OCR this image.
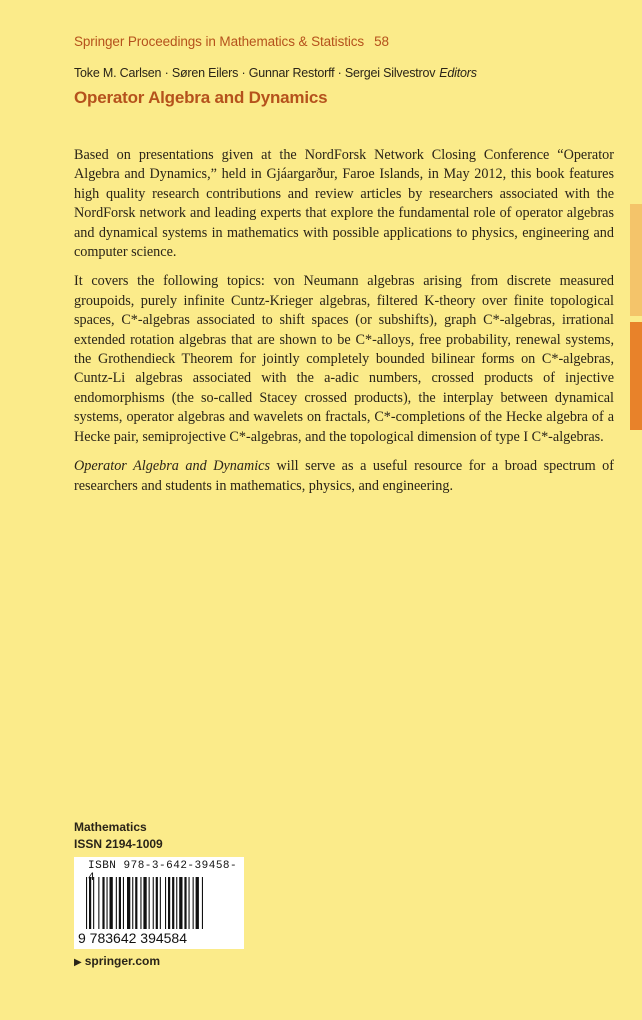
Springer Proceedings in Mathematics & Statistics 58
Toke M. Carlsen · Søren Eilers · Gunnar Restorff · Sergei Silvestrov Editors
Operator Algebra and Dynamics

Based on presentations given at the NordForsk Network Closing Conference “Operator Algebra and Dynamics,” held in Gjáargarður, Faroe Islands, in May 2012, this book features high quality research contributions and review articles by researchers associated with the NordForsk network and leading experts that explore the fundamental role of operator algebras and dynamical systems in mathematics with possible applications to physics, engineering and computer science.

It covers the following topics: von Neumann algebras arising from discrete measured groupoids, purely infinite Cuntz-Krieger algebras, filtered K-theory over finite topological spaces, C*-algebras associated to shift spaces (or subshifts), graph C*-algebras, irrational extended rotation algebras that are shown to be C*-alloys, free probability, renewal systems, the Grothendieck Theorem for jointly completely bounded bilinear forms on C*-algebras, Cuntz-Li algebras associated with the a-adic numbers, crossed products of injective endomorphisms (the so-called Stacey crossed products), the interplay between dynamical systems, operator algebras and wavelets on fractals, C*-completions of the Hecke algebra of a Hecke pair, semiprojective C*-algebras, and the topological dimension of type I C*-algebras.

Operator Algebra and Dynamics will serve as a useful resource for a broad spectrum of researchers and students in mathematics, physics, and engineering.

Mathematics
ISSN 2194-1009
9 783642 394584
ISBN 978-3-642-39458-4
▶ springer.com
